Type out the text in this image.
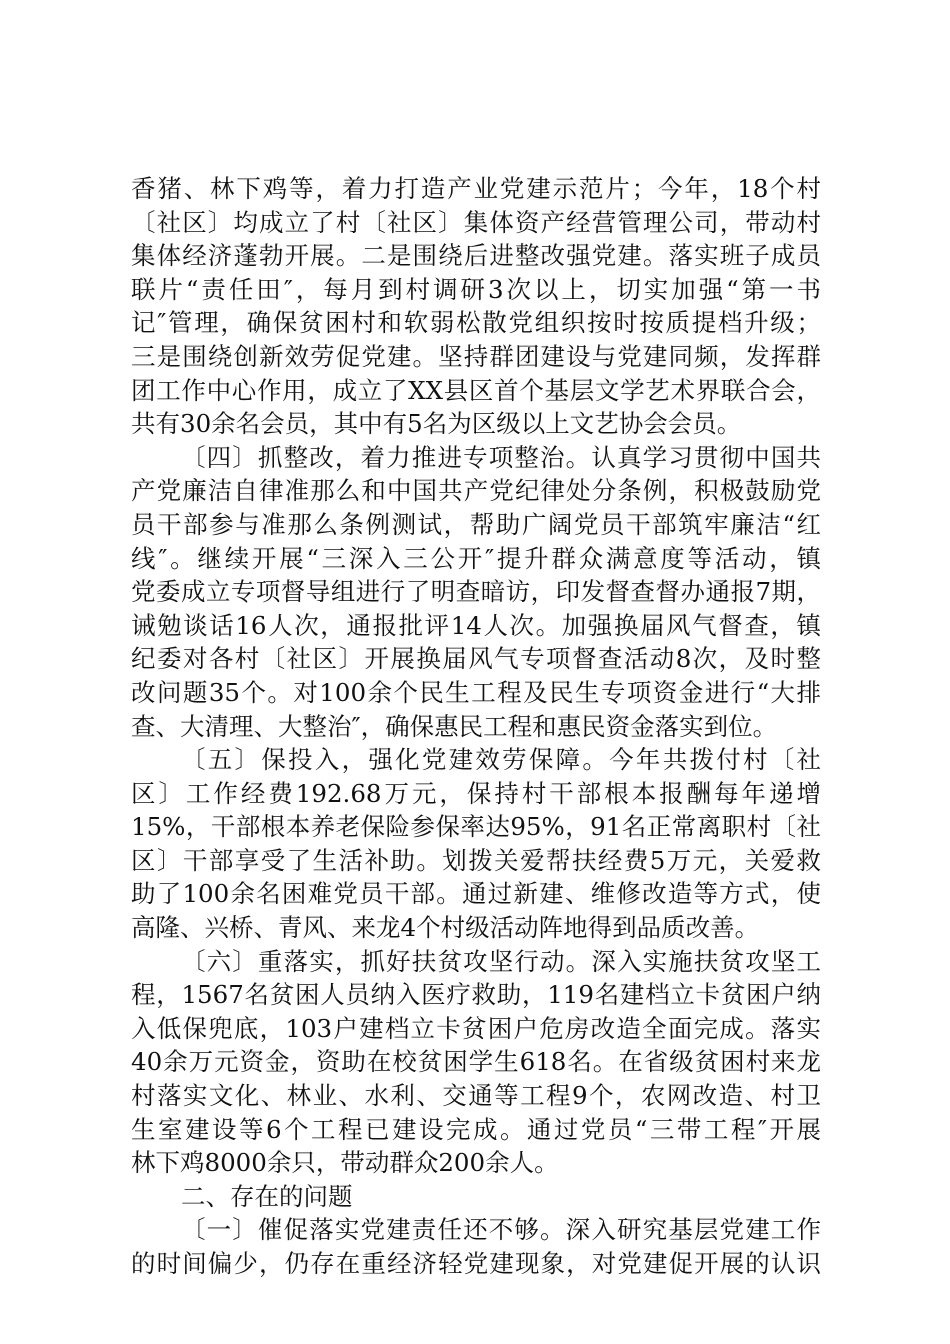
香猪、林下鸡等，着力打造产业党建示范片；今年，18个村
〔社区〕均成立了村〔社区〕集体资产经营管理公司，带动村
集体经济蓬勃开展。二是围绕后进整改强党建。落实班子成员
联片“责任田″，每月到村调研3次以上，切实加强“第一书
记″管理，确保贫困村和软弱松散党组织按时按质提档升级；
三是围绕创新效劳促党建。坚持群团建设与党建同频，发挥群
团工作中心作用，成立了XX县区首个基层文学艺术界联合会，
共有30余名会员，其中有5名为区级以上文艺协会会员。
〔四〕抓整改，着力推进专项整治。认真学习贯彻中国共
产党廉洁自律准那么和中国共产党纪律处分条例，积极鼓励党
员干部参与准那么条例测试，帮助广阔党员干部筑牢廉洁“红
线″。继续开展“三深入三公开″提升群众满意度等活动，镇
党委成立专项督导组进行了明查暗访，印发督查督办通报7期，
诫勉谈话16人次，通报批评14人次。加强换届风气督查，镇
纪委对各村〔社区〕开展换届风气专项督查活动8次，及时整
改问题35个。对100余个民生工程及民生专项资金进行“大排
查、大清理、大整治″，确保惠民工程和惠民资金落实到位。
〔五〕保投入，强化党建效劳保障。今年共拨付村〔社
区〕工作经费192.68万元，保持村干部根本报酬每年递增
15%，干部根本养老保险参保率达95%，91名正常离职村〔社
区〕干部享受了生活补助。划拨关爱帮扶经费5万元，关爱救
助了100余名困难党员干部。通过新建、维修改造等方式，使
高隆、兴桥、青风、来龙4个村级活动阵地得到品质改善。
〔六〕重落实，抓好扶贫攻坚行动。深入实施扶贫攻坚工
程，1567名贫困人员纳入医疗救助，119名建档立卡贫困户纳
入低保兜底，103户建档立卡贫困户危房改造全面完成。落实
40余万元资金，资助在校贫困学生618名。在省级贫困村来龙
村落实文化、林业、水利、交通等工程9个，农网改造、村卫
生室建设等6个工程已建设完成。通过党员“三带工程″开展
林下鸡8000余只，带动群众200余人。
二、存在的问题
〔一〕催促落实党建责任还不够。深入研究基层党建工作
的时间偏少，仍存在重经济轻党建现象，对党建促开展的认识
